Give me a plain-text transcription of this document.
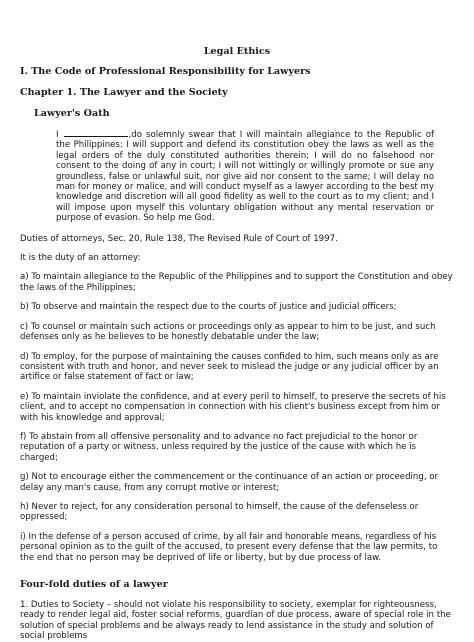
Legal Ethics
I. The Code of Professional Responsibility for Lawyers
Chapter 1. The Lawyer and the Society
Lawyer's Oath
I	,do solemnly swear that I will maintain allegiance to the Republic of the Philippines: I will support and defend its constitution obey the laws as well as the legal orders of the duly constituted authorities therein; I will do no falsehood nor consent to the doing of any in court; I will not wittingly or willingly promote or sue any groundless, false or unlawful suit, nor give aid nor consent to the same; I will delay no man for money or malice, and will conduct myself as a lawyer according to the best my knowledge and discretion will all good fidelity as well to the court as to my client; and I will impose upon myself this voluntary obligation without any mental reservation or purpose of evasion. So help me God.
Duties of attorneys, Sec. 20, Rule 138, The Revised Rule of Court of 1997.
It is the duty of an attorney:
a) To maintain allegiance to the Republic of the Philippines and to support the Constitution and obey the laws of the Philippines;
b) To observe and maintain the respect due to the courts of justice and judicial officers;
c) To counsel or maintain such actions or proceedings only as appear to him to be just, and such defenses only as he believes to be honestly debatable under the law;
d) To employ, for the purpose of maintaining the causes confided to him, such means only as are consistent with truth and honor, and never seek to mislead the judge or any judicial officer by an artifice or false statement of fact or law;
e) To maintain inviolate the confidence, and at every peril to himself, to preserve the secrets of his client, and to accept no compensation in connection with his client's business except from him or with his knowledge and approval;
f) To abstain from all offensive personality and to advance no fact prejudicial to the honor or reputation of a party or witness, unless required by the justice of the cause with which he is charged;
g) Not to encourage either the commencement or the continuance of an action or proceeding, or delay any man's cause, from any corrupt motive or interest;
h) Never to reject, for any consideration personal to himself, the cause of the defenseless or oppressed;
i) In the defense of a person accused of crime, by all fair and honorable means, regardless of his personal opinion as to the guilt of the accused, to present every defense that the law permits, to the end that no person may be deprived of life or liberty, but by due process of law.
Four-fold duties of a lawyer
1. Duties to Society – should not violate his responsibility to society, exemplar for righteousness, ready to render legal aid, foster social reforms, guardian of due process, aware of special role in the solution of special problems and be always ready to lend assistance in the study and solution of social problems
